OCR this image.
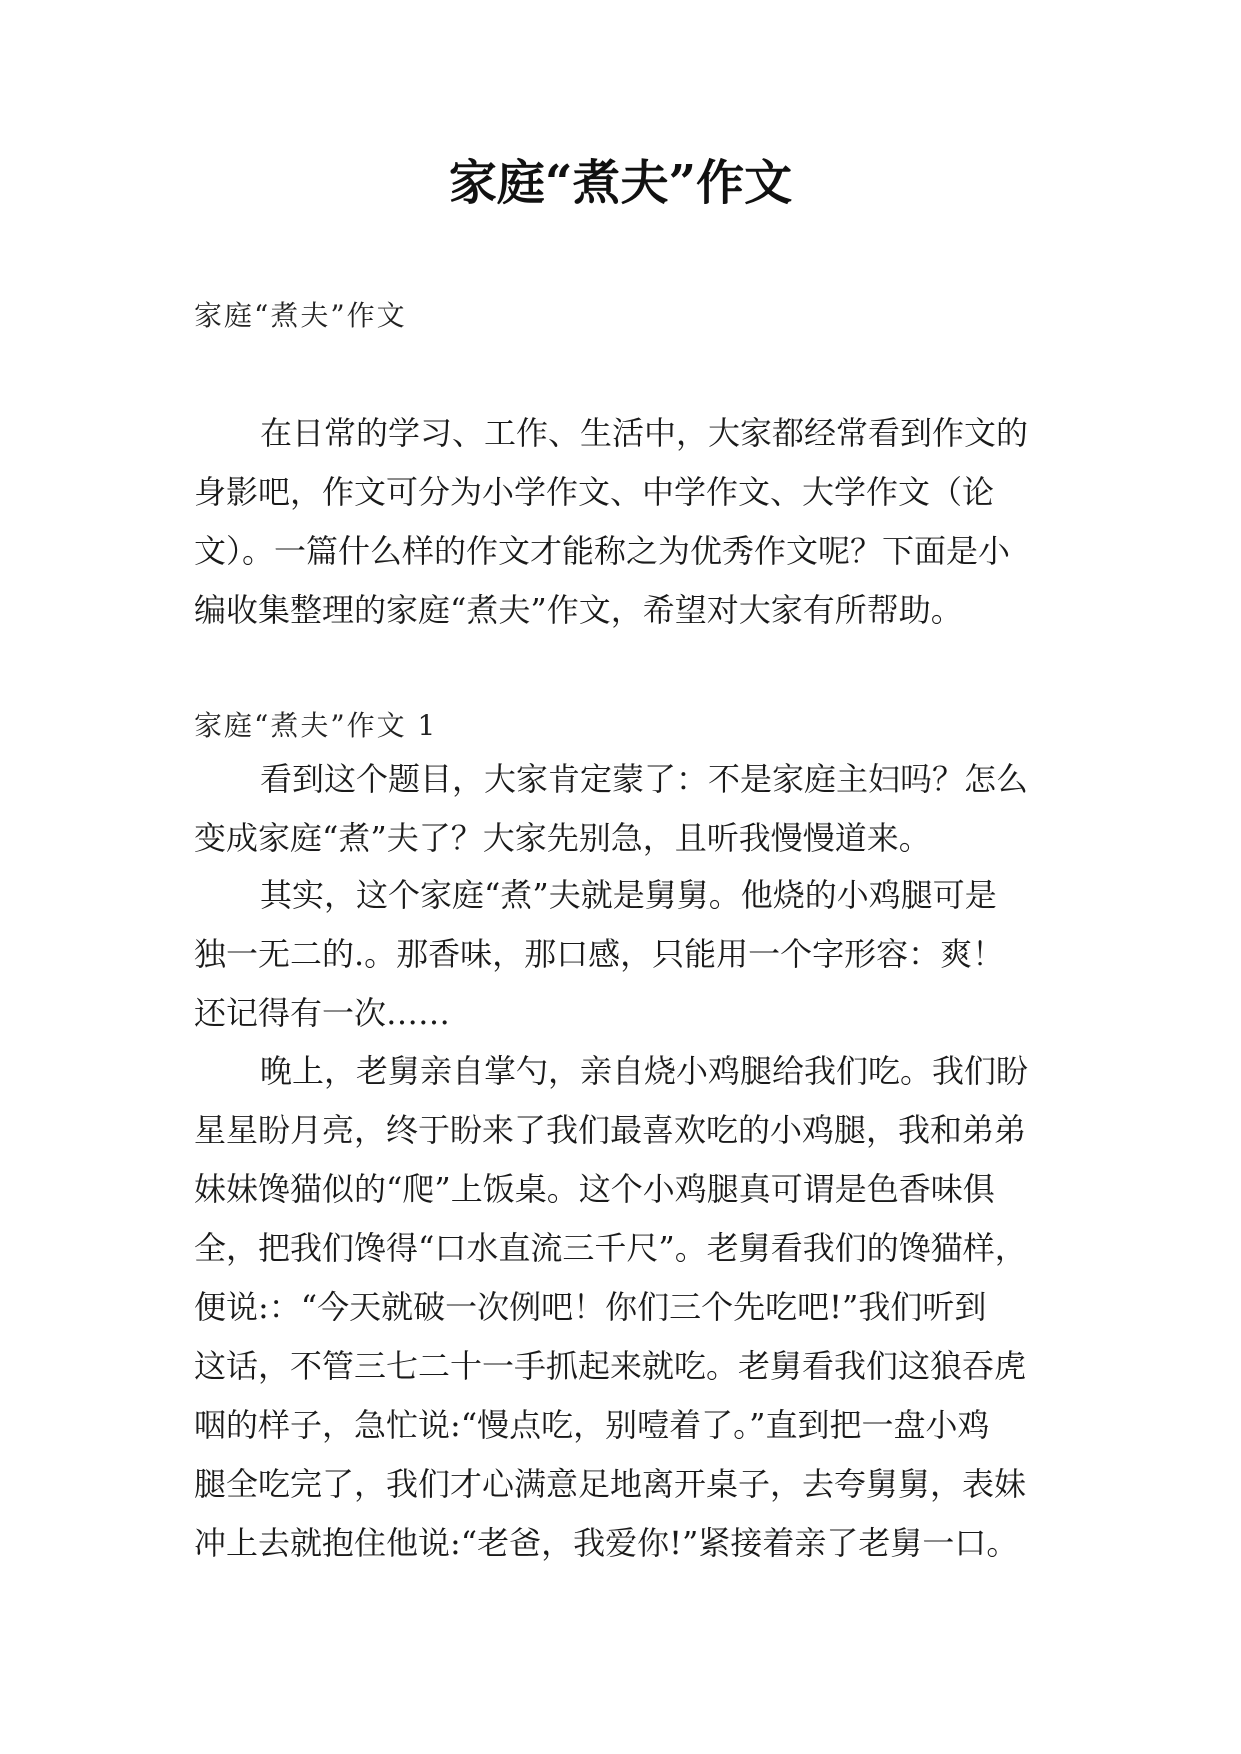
家庭“煮夫”作文
家庭“煮夫”作文
在日常的学习、工作、生活中，大家都经常看到作文的
身影吧，作文可分为小学作文、中学作文、大学作文（论
文）。一篇什么样的作文才能称之为优秀作文呢？下面是小
编收集整理的家庭“煮夫”作文，希望对大家有所帮助。
家庭“煮夫”作文 1
看到这个题目，大家肯定蒙了：不是家庭主妇吗？怎么
变成家庭“煮”夫了？大家先别急，且听我慢慢道来。
其实，这个家庭“煮”夫就是舅舅。他烧的小鸡腿可是
独一无二的.。那香味，那口感，只能用一个字形容：爽！
还记得有一次……
晚上，老舅亲自掌勺，亲自烧小鸡腿给我们吃。我们盼
星星盼月亮，终于盼来了我们最喜欢吃的小鸡腿，我和弟弟
妹妹馋猫似的“爬”上饭桌。这个小鸡腿真可谓是色香味俱
全，把我们馋得“口水直流三千尺”。老舅看我们的馋猫样，
便说:：“今天就破一次例吧！你们三个先吃吧!”我们听到
这话，不管三七二十一手抓起来就吃。老舅看我们这狼吞虎
咽的样子，急忙说:“慢点吃，别噎着了。”直到把一盘小鸡
腿全吃完了，我们才心满意足地离开桌子，去夸舅舅，表妹
冲上去就抱住他说:“老爸，我爱你!”紧接着亲了老舅一口。
